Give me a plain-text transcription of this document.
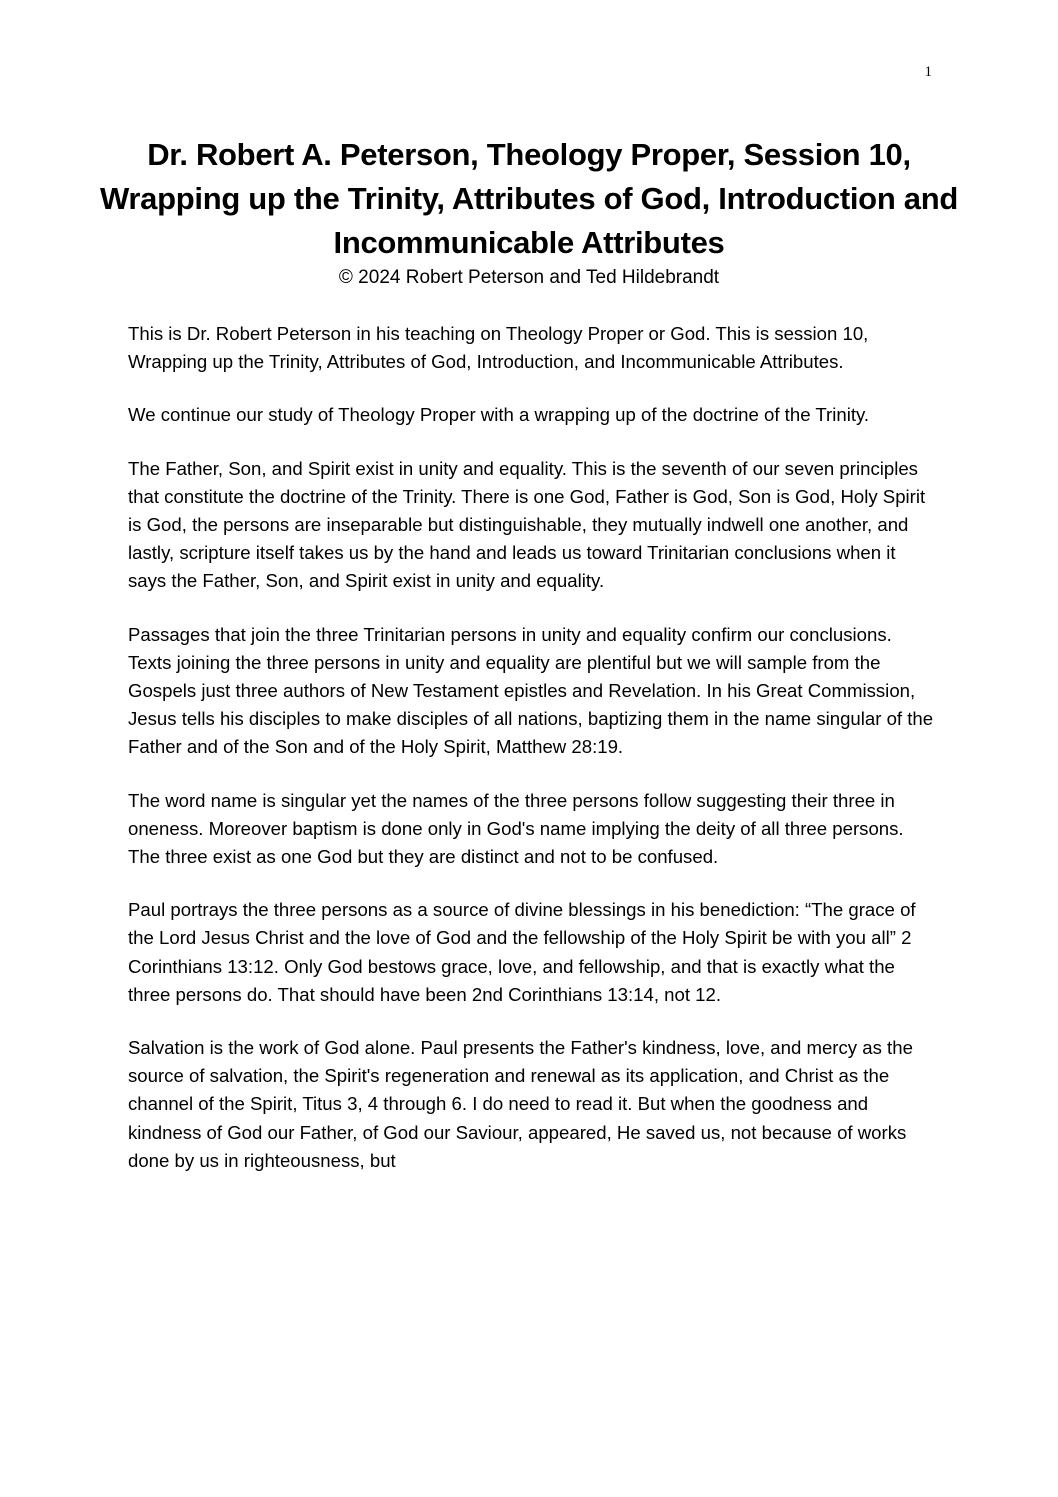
1
Dr. Robert A. Peterson, Theology Proper, Session 10, Wrapping up the Trinity, Attributes of God, Introduction and Incommunicable Attributes

© 2024 Robert Peterson and Ted Hildebrandt

This is Dr. Robert Peterson in his teaching on Theology Proper or God. This is session 10, Wrapping up the Trinity, Attributes of God, Introduction, and Incommunicable Attributes.

We continue our study of Theology Proper with a wrapping up of the doctrine of the Trinity.

The Father, Son, and Spirit exist in unity and equality. This is the seventh of our seven principles that constitute the doctrine of the Trinity. There is one God, Father is God, Son is God, Holy Spirit is God, the persons are inseparable but distinguishable, they mutually indwell one another, and lastly, scripture itself takes us by the hand and leads us toward Trinitarian conclusions when it says the Father, Son, and Spirit exist in unity and equality.

Passages that join the three Trinitarian persons in unity and equality confirm our conclusions. Texts joining the three persons in unity and equality are plentiful but we will sample from the Gospels just three authors of New Testament epistles and Revelation. In his Great Commission, Jesus tells his disciples to make disciples of all nations, baptizing them in the name singular of the Father and of the Son and of the Holy Spirit, Matthew 28:19.

The word name is singular yet the names of the three persons follow suggesting their three in oneness. Moreover baptism is done only in God's name implying the deity of all three persons. The three exist as one God but they are distinct and not to be confused.

Paul portrays the three persons as a source of divine blessings in his benediction: “The grace of the Lord Jesus Christ and the love of God and the fellowship of the Holy Spirit be with you all” 2 Corinthians 13:12. Only God bestows grace, love, and fellowship, and that is exactly what the three persons do. That should have been 2nd Corinthians 13:14, not 12.

Salvation is the work of God alone. Paul presents the Father's kindness, love, and mercy as the source of salvation, the Spirit's regeneration and renewal as its application, and Christ as the channel of the Spirit, Titus 3, 4 through 6. I do need to read it. But when the goodness and kindness of God our Father, of God our Saviour, appeared, He saved us, not because of works done by us in righteousness, but
